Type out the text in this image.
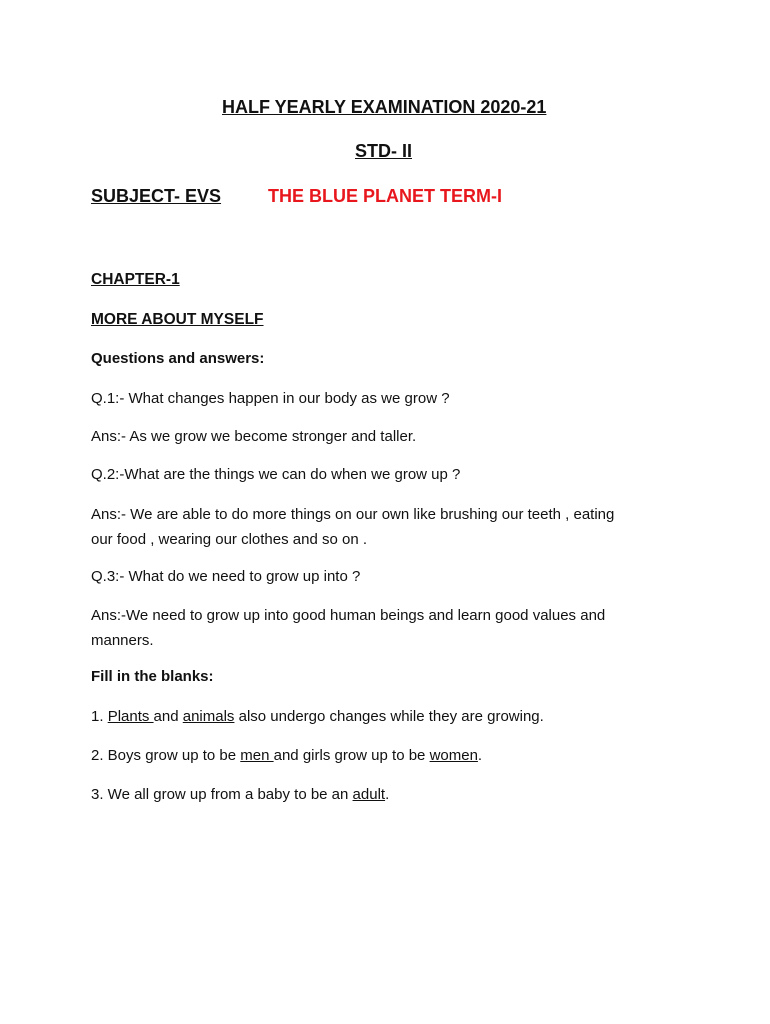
HALF YEARLY EXAMINATION 2020-21
STD- II
SUBJECT- EVS	THE BLUE PLANET TERM-I
CHAPTER-1
MORE ABOUT MYSELF
Questions and answers:
Q.1:- What changes happen in our body as we grow ?
Ans:- As we grow we become stronger and taller.
Q.2:-What are the things we can do when we grow up ?
Ans:- We are able to do more things on our own like brushing our teeth , eating
our food , wearing our clothes and so on .
Q.3:- What do we need to grow up into ?
Ans:-We need to grow up into good human beings and learn good values and
manners.
Fill in the blanks:
1. Plants and animals also undergo changes while they are growing.
2. Boys grow up to be men and girls grow up to be women.
3. We all grow up from a baby to be an adult.
